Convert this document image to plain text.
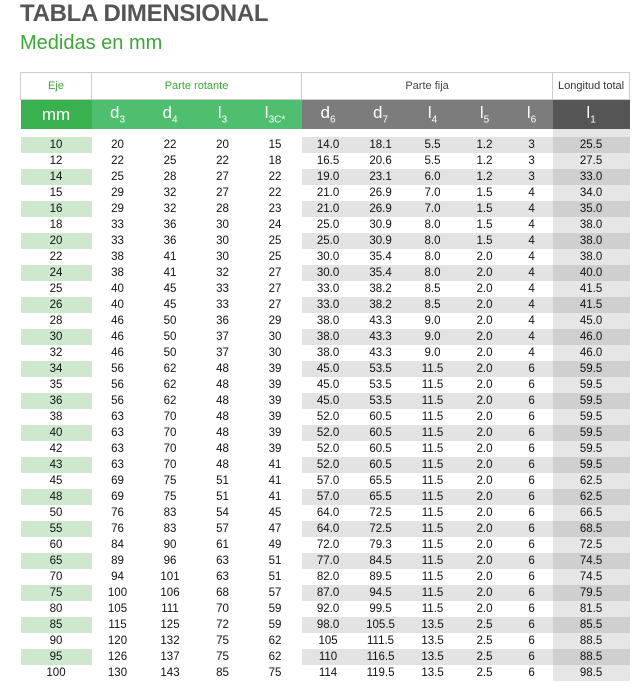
TABLA DIMENSIONAL
Medidas en mm
Eje	Parte rotante				Parte fija					Longitud total
mm	$d_3$	$d_4$	$l_3$	$l_{3C*}$	$d_6$	$d_7$	$l_4$	$l_5$	$l_6$	$l_1$

10	20	22	20	15	14.0	18.1	5.5	1.2	3	25.5
12	22	25	22	18	16.5	20.6	5.5	1.2	3	27.5
14	25	28	27	22	19.0	23.1	6.0	1.2	3	33.0
15	29	32	27	22	21.0	26.9	7.0	1.5	4	34.0
16	29	32	28	23	21.0	26.9	7.0	1.5	4	35.0
18	33	36	30	24	25.0	30.9	8.0	1.5	4	38.0
20	33	36	30	25	25.0	30.9	8.0	1.5	4	38.0
22	38	41	30	25	30.0	35.4	8.0	2.0	4	38.0
24	38	41	32	27	30.0	35.4	8.0	2.0	4	40.0
25	40	45	33	27	33.0	38.2	8.5	2.0	4	41.5
26	40	45	33	27	33.0	38.2	8.5	2.0	4	41.5
28	46	50	36	29	38.0	43.3	9.0	2.0	4	45.0
30	46	50	37	30	38.0	43.3	9.0	2.0	4	46.0
32	46	50	37	30	38.0	43.3	9.0	2.0	4	46.0
34	56	62	48	39	45.0	53.5	11.5	2.0	6	59.5
35	56	62	48	39	45.0	53.5	11.5	2.0	6	59.5
36	56	62	48	39	45.0	53.5	11.5	2.0	6	59.5
38	63	70	48	39	52.0	60.5	11.5	2.0	6	59.5
40	63	70	48	39	52.0	60.5	11.5	2.0	6	59.5
42	63	70	48	39	52.0	60.5	11.5	2.0	6	59.5
43	63	70	48	41	52.0	60.5	11.5	2.0	6	59.5
45	69	75	51	41	57.0	65.5	11.5	2.0	6	62.5
48	69	75	51	41	57.0	65.5	11.5	2.0	6	62.5
50	76	83	54	45	64.0	72.5	11.5	2.0	6	66.5
55	76	83	57	47	64.0	72.5	11.5	2.0	6	68.5
60	84	90	61	49	72.0	79.3	11.5	2.0	6	72.5
65	89	96	63	51	77.0	84.5	11.5	2.0	6	74.5
70	94	101	63	51	82.0	89.5	11.5	2.0	6	74.5
75	100	106	68	57	87.0	94.5	11.5	2.0	6	79.5
80	105	111	70	59	92.0	99.5	11.5	2.0	6	81.5
85	115	125	72	59	98.0	105.5	13.5	2.5	6	85.5
90	120	132	75	62	105	111.5	13.5	2.5	6	88.5
95	126	137	75	62	110	116.5	13.5	2.5	6	88.5
100	130	143	85	75	114	119.5	13.5	2.5	6	98.5
